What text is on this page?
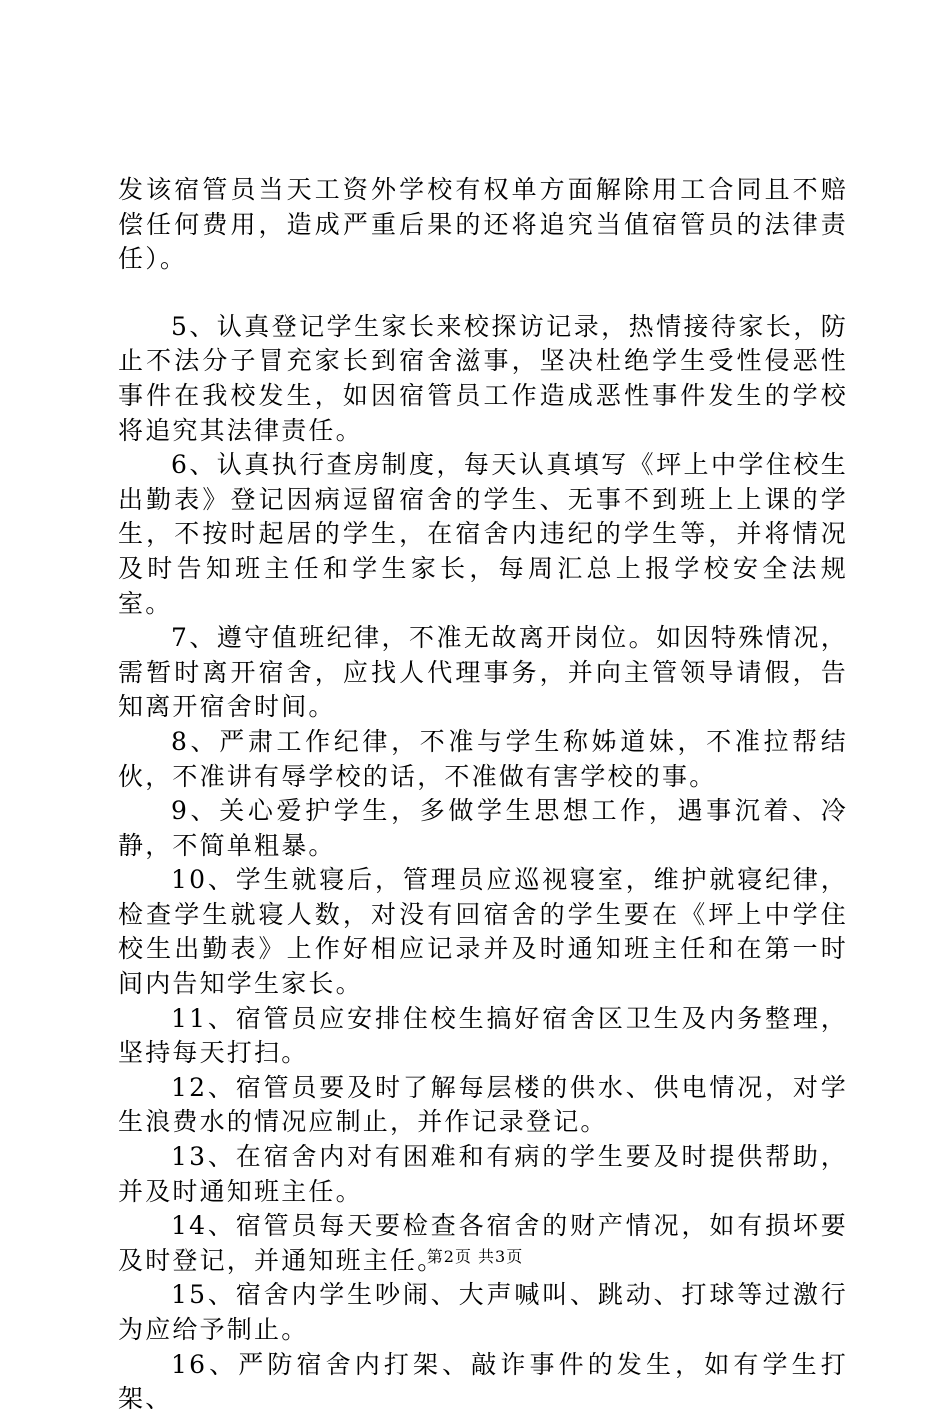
发该宿管员当天工资外学校有权单方面解除用工合同且不赔偿任何费用，造成严重后果的还将追究当值宿管员的法律责任）。

5、认真登记学生家长来校探访记录，热情接待家长，防止不法分子冒充家长到宿舍滋事，坚决杜绝学生受性侵恶性事件在我校发生，如因宿管员工作造成恶性事件发生的学校将追究其法律责任。

6、认真执行查房制度，每天认真填写《坪上中学住校生出勤表》登记因病逗留宿舍的学生、无事不到班上上课的学生，不按时起居的学生，在宿舍内违纪的学生等，并将情况及时告知班主任和学生家长，每周汇总上报学校安全法规室。

7、遵守值班纪律，不准无故离开岗位。如因特殊情况，需暂时离开宿舍，应找人代理事务，并向主管领导请假，告知离开宿舍时间。

8、严肃工作纪律，不准与学生称姊道妹，不准拉帮结伙，不准讲有辱学校的话，不准做有害学校的事。

9、关心爱护学生，多做学生思想工作，遇事沉着、冷静，不简单粗暴。

10、学生就寝后，管理员应巡视寝室，维护就寝纪律，检查学生就寝人数，对没有回宿舍的学生要在《坪上中学住校生出勤表》上作好相应记录并及时通知班主任和在第一时间内告知学生家长。

11、宿管员应安排住校生搞好宿舍区卫生及内务整理，坚持每天打扫。

12、宿管员要及时了解每层楼的供水、供电情况，对学生浪费水的情况应制止，并作记录登记。

13、在宿舍内对有困难和有病的学生要及时提供帮助，并及时通知班主任。

14、宿管员每天要检查各宿舍的财产情况，如有损坏要及时登记，并通知班主任。

15、宿舍内学生吵闹、大声喊叫、跳动、打球等过激行为应给予制止。

16、严防宿舍内打架、敲诈事件的发生，如有学生打架、

第2页 共3页
